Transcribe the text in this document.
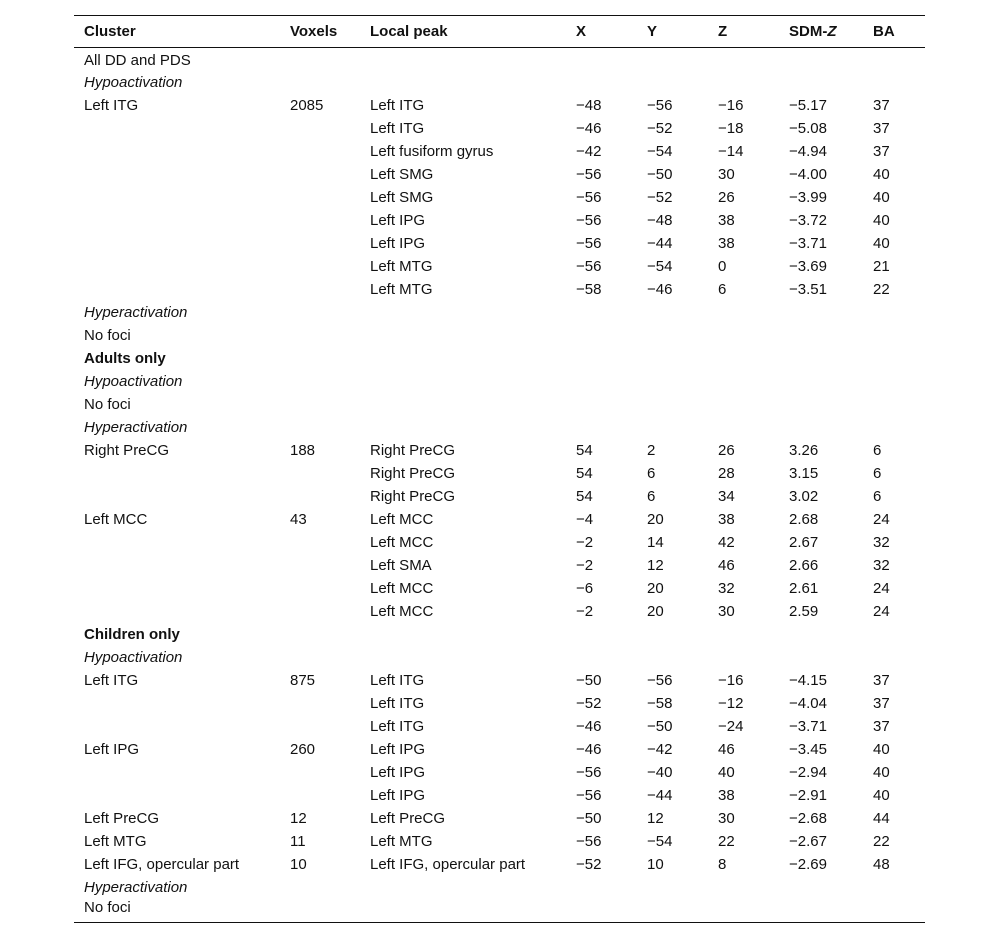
Cluster	Voxels	Local peak	X	Y	Z	SDM-Z	BA
All DD and PDS							
Hypoactivation							
Left ITG	2085	Left ITG	−48	−56	−16	−5.17	37
		Left ITG	−46	−52	−18	−5.08	37
		Left fusiform gyrus	−42	−54	−14	−4.94	37
		Left SMG	−56	−50	30	−4.00	40
		Left SMG	−56	−52	26	−3.99	40
		Left IPG	−56	−48	38	−3.72	40
		Left IPG	−56	−44	38	−3.71	40
		Left MTG	−56	−54	0	−3.69	21
		Left MTG	−58	−46	6	−3.51	22
Hyperactivation							
No foci							
Adults only							
Hypoactivation							
No foci							
Hyperactivation							
Right PreCG	188	Right PreCG	54	2	26	3.26	6
		Right PreCG	54	6	28	3.15	6
		Right PreCG	54	6	34	3.02	6
Left MCC	43	Left MCC	−4	20	38	2.68	24
		Left MCC	−2	14	42	2.67	32
		Left SMA	−2	12	46	2.66	32
		Left MCC	−6	20	32	2.61	24
		Left MCC	−2	20	30	2.59	24
Children only							
Hypoactivation							
Left ITG	875	Left ITG	−50	−56	−16	−4.15	37
		Left ITG	−52	−58	−12	−4.04	37
		Left ITG	−46	−50	−24	−3.71	37
Left IPG	260	Left IPG	−46	−42	46	−3.45	40
		Left IPG	−56	−40	40	−2.94	40
		Left IPG	−56	−44	38	−2.91	40
Left PreCG	12	Left PreCG	−50	12	30	−2.68	44
Left MTG	11	Left MTG	−56	−54	22	−2.67	22
Left IFG, opercular part	10	Left IFG, opercular part	−52	10	8	−2.69	48
Hyperactivation							
No foci							
